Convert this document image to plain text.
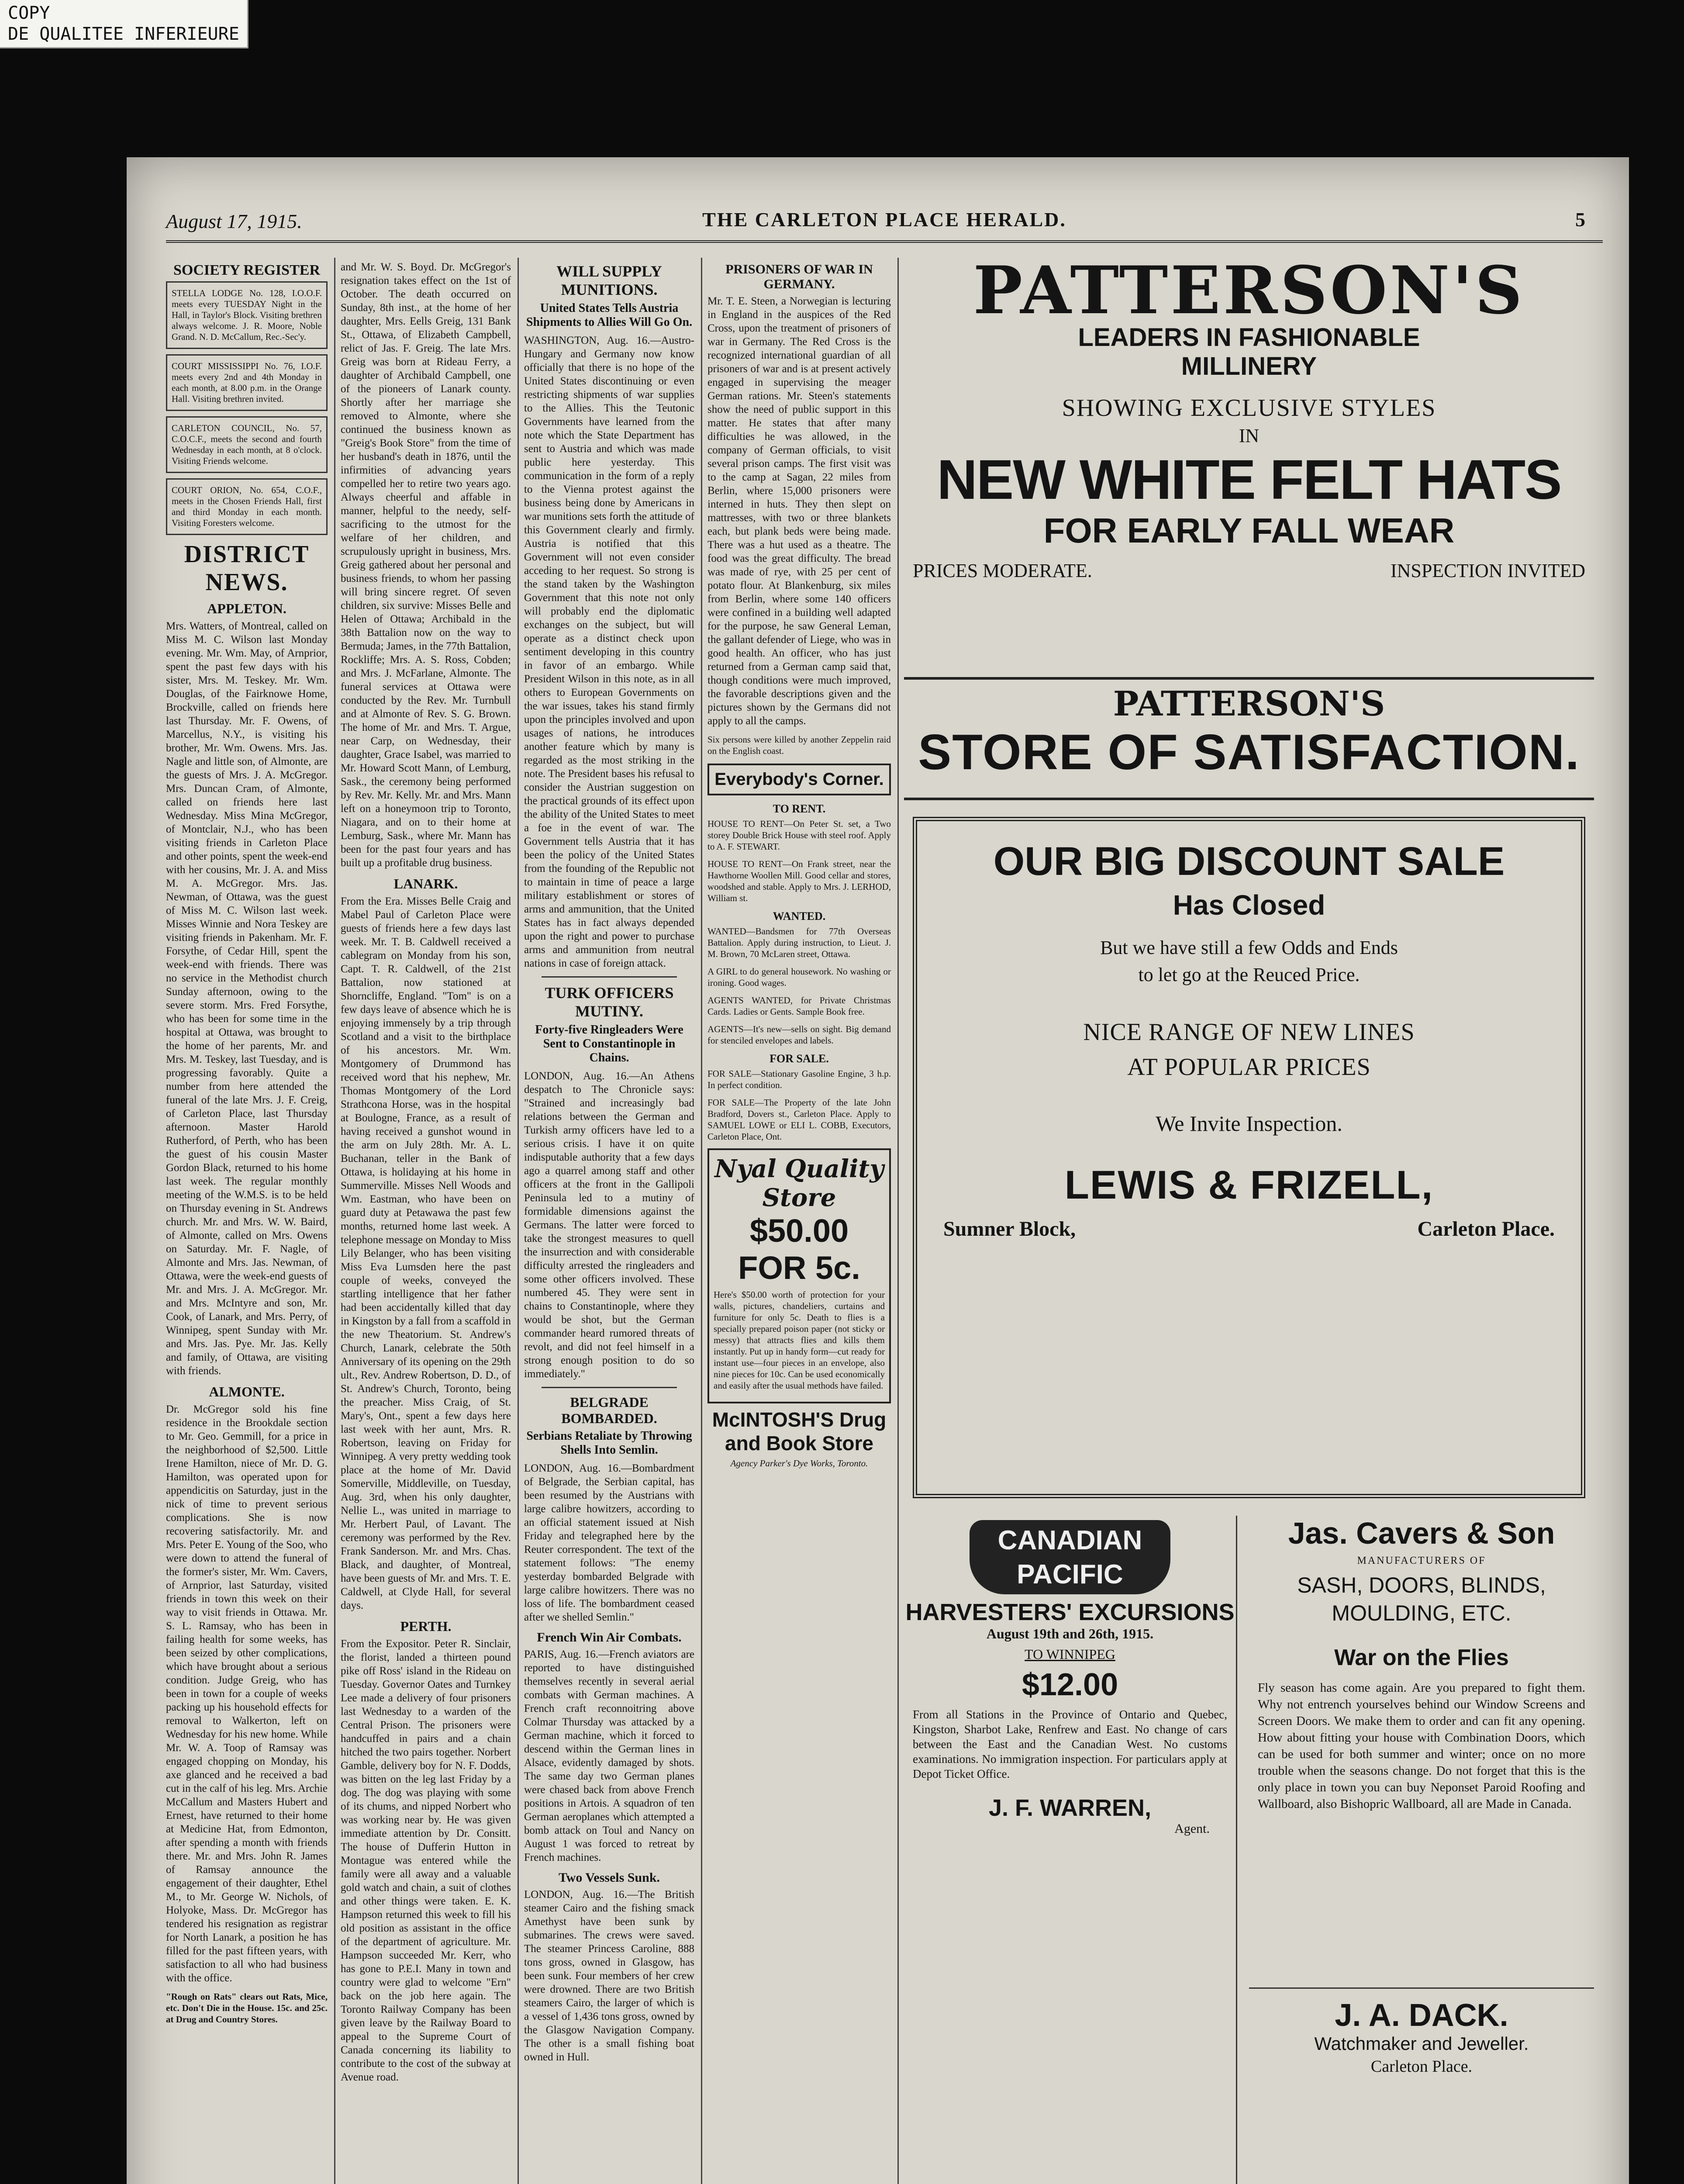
COPY
DE QUALITEE INFERIEURE
August 17, 1915.	THE CARLETON PLACE HERALD.	5
SOCIETY REGISTER
STELLA LODGE No. 128, I.O.O.F. meets every TUESDAY Night in the Hall, in Taylor's Block. Visiting brethren always welcome. J. R. Moore, Noble Grand. N. D. McCallum, Rec.-Sec'y.
COURT MISSISSIPPI No. 76, I.O.F. meets every 2nd and 4th Monday in each month, at 8.00 p.m. in the Orange Hall. Visiting brethren invited.
CARLETON COUNCIL, No. 57, C.O.C.F., meets the second and fourth Wednesday in each month, at 8 o'clock. Visiting Friends welcome.
COURT ORION, No. 654, C.O.F., meets in the Chosen Friends Hall, first and third Monday in each month. Visiting Foresters welcome.
DISTRICT NEWS.
APPLETON.
Mrs. Watters, of Montreal, called on Miss M. C. Wilson last Monday evening. Mr. Wm. May, of Arnprior, spent the past few days with his sister, Mrs. M. Teskey. Mr. Wm. Douglas, of the Fairknowe Home, Brockville, called on friends here last Thursday. Mr. F. Owens, of Marcellus, N.Y., is visiting his brother, Mr. Wm. Owens. Mrs. Jas. Nagle and little son, of Almonte, are the guests of Mrs. J. A. McGregor. Mrs. Duncan Cram, of Almonte, called on friends here last Wednesday. Miss Mina McGregor, of Montclair, N.J., who has been visiting friends in Carleton Place and other points, spent the week-end with her cousins, Mr. J. A. and Miss M. A. McGregor. Mrs. Jas. Newman, of Ottawa, was the guest of Miss M. C. Wilson last week. Misses Winnie and Nora Teskey are visiting friends in Pakenham. Mr. F. Forsythe, of Cedar Hill, spent the week-end with friends. There was no service in the Methodist church Sunday afternoon, owing to the severe storm. Mrs. Fred Forsythe, who has been for some time in the hospital at Ottawa, was brought to the home of her parents, Mr. and Mrs. M. Teskey, last Tuesday, and is progressing favorably. Quite a number from here attended the funeral of the late Mrs. J. F. Creig, of Carleton Place, last Thursday afternoon. Master Harold Rutherford, of Perth, who has been the guest of his cousin Master Gordon Black, returned to his home last week. The regular monthly meeting of the W.M.S. is to be held on Thursday evening in St. Andrews church. Mr. and Mrs. W. W. Baird, of Almonte, called on Mrs. Owens on Saturday. Mr. F. Nagle, of Almonte and Mrs. Jas. Newman, of Ottawa, were the week-end guests of Mr. and Mrs. J. A. McGregor. Mr. and Mrs. McIntyre and son, Mr. Cook, of Lanark, and Mrs. Perry, of Winnipeg, spent Sunday with Mr. and Mrs. Jas. Pye. Mr. Jas. Kelly and family, of Ottawa, are visiting with friends.
ALMONTE.
Dr. McGregor sold his fine residence in the Brookdale section to Mr. Geo. Gemmill, for a price in the neighborhood of $2,500. Little Irene Hamilton, niece of Mr. D. G. Hamilton, was operated upon for appendicitis on Saturday, just in the nick of time to prevent serious complications. She is now recovering satisfactorily. Mr. and Mrs. Peter E. Young of the Soo, who were down to attend the funeral of the former's sister, Mr. Wm. Cavers, of Arnprior, last Saturday, visited friends in town this week on their way to visit friends in Ottawa. Mr. S. L. Ramsay, who has been in failing health for some weeks, has been seized by other complications, which have brought about a serious condition. Judge Greig, who has been in town for a couple of weeks packing up his household effects for removal to Walkerton, left on Wednesday for his new home. While Mr. W. A. Toop of Ramsay was engaged chopping on Monday, his axe glanced and he received a bad cut in the calf of his leg. Mrs. Archie McCallum and Masters Hubert and Ernest, have returned to their home at Medicine Hat, from Edmonton, after spending a month with friends there. Mr. and Mrs. John R. James of Ramsay announce the engagement of their daughter, Ethel M., to Mr. George W. Nichols, of Holyoke, Mass. Dr. McGregor has tendered his resignation as registrar for North Lanark, a position he has filled for the past fifteen years, with satisfaction to all who had business with the office.
"Rough on Rats" clears out Rats, Mice, etc. Don't Die in the House. 15c. and 25c. at Drug and Country Stores.
and Mr. W. S. Boyd. Dr. McGregor's resignation takes effect on the 1st of October. The death occurred on Sunday, 8th inst., at the home of her daughter, Mrs. Eells Greig, 131 Bank St., Ottawa, of Elizabeth Campbell, relict of Jas. F. Greig. The late Mrs. Greig was born at Rideau Ferry, a daughter of Archibald Campbell, one of the pioneers of Lanark county. Shortly after her marriage she removed to Almonte, where she continued the business known as "Greig's Book Store" from the time of her husband's death in 1876, until the infirmities of advancing years compelled her to retire two years ago. Always cheerful and affable in manner, helpful to the needy, self-sacrificing to the utmost for the welfare of her children, and scrupulously upright in business, Mrs. Greig gathered about her personal and business friends, to whom her passing will bring sincere regret. Of seven children, six survive: Misses Belle and Helen of Ottawa; Archibald in the 38th Battalion now on the way to Bermuda; James, in the 77th Battalion, Rockliffe; Mrs. A. S. Ross, Cobden; and Mrs. J. McFarlane, Almonte. The funeral services at Ottawa were conducted by the Rev. Mr. Turnbull and at Almonte of Rev. S. G. Brown. The home of Mr. and Mrs. T. Argue, near Carp, on Wednesday, their daughter, Grace Isabel, was married to Mr. Howard Scott Mann, of Lemburg, Sask., the ceremony being performed by Rev. Mr. Kelly. Mr. and Mrs. Mann left on a honeymoon trip to Toronto, Niagara, and on to their home at Lemburg, Sask., where Mr. Mann has been for the past four years and has built up a profitable drug business.
LANARK.
From the Era. Misses Belle Craig and Mabel Paul of Carleton Place were guests of friends here a few days last week. Mr. T. B. Caldwell received a cablegram on Monday from his son, Capt. T. R. Caldwell, of the 21st Battalion, now stationed at Shorncliffe, England. "Tom" is on a few days leave of absence which he is enjoying immensely by a trip through Scotland and a visit to the birthplace of his ancestors. Mr. Wm. Montgomery of Drummond has received word that his nephew, Mr. Thomas Montgomery of the Lord Strathcona Horse, was in the hospital at Boulogne, France, as a result of having received a gunshot wound in the arm on July 28th. Mr. A. L. Buchanan, teller in the Bank of Ottawa, is holidaying at his home in Summerville. Misses Nell Woods and Wm. Eastman, who have been on guard duty at Petawawa the past few months, returned home last week. A telephone message on Monday to Miss Lily Belanger, who has been visiting Miss Eva Lumsden here the past couple of weeks, conveyed the startling intelligence that her father had been accidentally killed that day in Kingston by a fall from a scaffold in the new Theatorium. St. Andrew's Church, Lanark, celebrate the 50th Anniversary of its opening on the 29th ult., Rev. Andrew Robertson, D. D., of St. Andrew's Church, Toronto, being the preacher. Miss Craig, of St. Mary's, Ont., spent a few days here last week with her aunt, Mrs. R. Robertson, leaving on Friday for Winnipeg. A very pretty wedding took place at the home of Mr. David Somerville, Middleville, on Tuesday, Aug. 3rd, when his only daughter, Nellie L., was united in marriage to Mr. Herbert Paul, of Lavant. The ceremony was performed by the Rev. Frank Sanderson. Mr. and Mrs. Chas. Black, and daughter, of Montreal, have been guests of Mr. and Mrs. T. E. Caldwell, at Clyde Hall, for several days.
PERTH.
From the Expositor. Peter R. Sinclair, the florist, landed a thirteen pound pike off Ross' island in the Rideau on Tuesday. Governor Oates and Turnkey Lee made a delivery of four prisoners last Wednesday to a warden of the Central Prison. The prisoners were handcuffed in pairs and a chain hitched the two pairs together. Norbert Gamble, delivery boy for N. F. Dodds, was bitten on the leg last Friday by a dog. The dog was playing with some of its chums, and nipped Norbert who was working near by. He was given immediate attention by Dr. Consitt. The house of Dufferin Hutton in Montague was entered while the family were all away and a valuable gold watch and chain, a suit of clothes and other things were taken. E. K. Hampson returned this week to fill his old position as assistant in the office of the department of agriculture. Mr. Hampson succeeded Mr. Kerr, who has gone to P.E.I. Many in town and country were glad to welcome "Ern" back on the job here again. The Toronto Railway Company has been given leave by the Railway Board to appeal to the Supreme Court of Canada concerning its liability to contribute to the cost of the subway at Avenue road.
WILL SUPPLY MUNITIONS.
United States Tells Austria Shipments to Allies Will Go On.
WASHINGTON, Aug. 16.—Austro-Hungary and Germany now know officially that there is no hope of the United States discontinuing or even restricting shipments of war supplies to the Allies. This the Teutonic Governments have learned from the note which the State Department has sent to Austria and which was made public here yesterday. This communication in the form of a reply to the Vienna protest against the business being done by Americans in war munitions sets forth the attitude of this Government clearly and firmly. Austria is notified that this Government will not even consider acceding to her request. So strong is the stand taken by the Washington Government that this note not only will probably end the diplomatic exchanges on the subject, but will operate as a distinct check upon sentiment developing in this country in favor of an embargo. While President Wilson in this note, as in all others to European Governments on the war issues, takes his stand firmly upon the principles involved and upon usages of nations, he introduces another feature which by many is regarded as the most striking in the note. The President bases his refusal to consider the Austrian suggestion on the practical grounds of its effect upon the ability of the United States to meet a foe in the event of war. The Government tells Austria that it has been the policy of the United States from the founding of the Republic not to maintain in time of peace a large military establishment or stores of arms and ammunition, that the United States has in fact always depended upon the right and power to purchase arms and ammunition from neutral nations in case of foreign attack.
TURK OFFICERS MUTINY.
Forty-five Ringleaders Were Sent to Constantinople in Chains.
LONDON, Aug. 16.—An Athens despatch to The Chronicle says: "Strained and increasingly bad relations between the German and Turkish army officers have led to a serious crisis. I have it on quite indisputable authority that a few days ago a quarrel among staff and other officers at the front in the Gallipoli Peninsula led to a mutiny of formidable dimensions against the Germans. The latter were forced to take the strongest measures to quell the insurrection and with considerable difficulty arrested the ringleaders and some other officers involved. These numbered 45. They were sent in chains to Constantinople, where they would be shot, but the German commander heard rumored threats of revolt, and did not feel himself in a strong enough position to do so immediately."
BELGRADE BOMBARDED.
Serbians Retaliate by Throwing Shells Into Semlin.
LONDON, Aug. 16.—Bombardment of Belgrade, the Serbian capital, has been resumed by the Austrians with large calibre howitzers, according to an official statement issued at Nish Friday and telegraphed here by the Reuter correspondent. The text of the statement follows: "The enemy yesterday bombarded Belgrade with large calibre howitzers. There was no loss of life. The bombardment ceased after we shelled Semlin."
French Win Air Combats.
PARIS, Aug. 16.—French aviators are reported to have distinguished themselves recently in several aerial combats with German machines. A French craft reconnoitring above Colmar Thursday was attacked by a German machine, which it forced to descend within the German lines in Alsace, evidently damaged by shots. The same day two German planes were chased back from above French positions in Artois. A squadron of ten German aeroplanes which attempted a bomb attack on Toul and Nancy on August 1 was forced to retreat by French machines.
Two Vessels Sunk.
LONDON, Aug. 16.—The British steamer Cairo and the fishing smack Amethyst have been sunk by submarines. The crews were saved. The steamer Princess Caroline, 888 tons gross, owned in Glasgow, has been sunk. Four members of her crew were drowned. There are two British steamers Cairo, the larger of which is a vessel of 1,436 tons gross, owned by the Glasgow Navigation Company. The other is a small fishing boat owned in Hull.
PRISONERS OF WAR IN GERMANY.
Mr. T. E. Steen, a Norwegian is lecturing in England in the auspices of the Red Cross, upon the treatment of prisoners of war in Germany. The Red Cross is the recognized international guardian of all prisoners of war and is at present actively engaged in supervising the meager German rations. Mr. Steen's statements show the need of public support in this matter. He states that after many difficulties he was allowed, in the company of German officials, to visit several prison camps. The first visit was to the camp at Sagan, 22 miles from Berlin, where 15,000 prisoners were interned in huts. They then slept on mattresses, with two or three blankets each, but plank beds were being made. There was a hut used as a theatre. The food was the great difficulty. The bread was made of rye, with 25 per cent of potato flour. At Blankenburg, six miles from Berlin, where some 140 officers were confined in a building well adapted for the purpose, he saw General Leman, the gallant defender of Liege, who was in good health. An officer, who has just returned from a German camp said that, though conditions were much improved, the favorable descriptions given and the pictures shown by the Germans did not apply to all the camps.
Six persons were killed by another Zeppelin raid on the English coast.
Everybody's Corner.
TO RENT.
HOUSE TO RENT—On Peter St. set, a Two storey Double Brick House with steel roof. Apply to A. F. STEWART.
HOUSE TO RENT—On Frank street, near the Hawthorne Woollen Mill. Good cellar and stores, woodshed and stable. Apply to Mrs. J. LERHOD, William st.
WANTED.
WANTED—Bandsmen for 77th Overseas Battalion. Apply during instruction, to Lieut. J. M. Brown, 70 McLaren street, Ottawa.
A GIRL to do general housework. No washing or ironing. Good wages.
AGENTS WANTED, for Private Christmas Cards. Ladies or Gents. Sample Book free.
AGENTS—It's new—sells on sight. Big demand for stenciled envelopes and labels.
FOR SALE.
FOR SALE—Stationary Gasoline Engine, 3 h.p. In perfect condition.
FOR SALE—The Property of the late John Bradford, Dovers st., Carleton Place. Apply to SAMUEL LOWE or ELI L. COBB, Executors, Carleton Place, Ont.
Nyal Quality Store
$50.00 FOR 5c.
Here's $50.00 worth of protection for your walls, pictures, chandeliers, curtains and furniture for only 5c. Death to flies is a specially prepared poison paper (not sticky or messy) that attracts flies and kills them instantly. Put up in handy form—cut ready for instant use—four pieces in an envelope, also nine pieces for 10c. Can be used economically and easily after the usual methods have failed.
McINTOSH'S Drug and Book Store
Agency Parker's Dye Works, Toronto.
PATTERSON'S
LEADERS IN FASHIONABLE
MILLINERY
SHOWING EXCLUSIVE STYLES
IN
NEW WHITE FELT HATS
FOR EARLY FALL WEAR
PRICES MODERATE.	INSPECTION INVITED
PATTERSON'S
STORE OF SATISFACTION.
OUR BIG DISCOUNT SALE
Has Closed
But we have still a few Odds and Ends
to let go at the Reuced Price.
NICE RANGE OF NEW LINES
AT POPULAR PRICES
We Invite Inspection.
LEWIS & FRIZELL,
Sumner Block,	Carleton Place.
CANADIAN
PACIFIC
HARVESTERS' EXCURSIONS
August 19th and 26th, 1915.
TO WINNIPEG
$12.00
From all Stations in the Province of Ontario and Quebec, Kingston, Sharbot Lake, Renfrew and East. No change of cars between the East and the Canadian West. No customs examinations. No immigration inspection. For particulars apply at Depot Ticket Office.
J. F. WARREN,
Agent.
Jas. Cavers & Son
MANUFACTURERS OF
SASH, DOORS, BLINDS,
MOULDING, ETC.
War on the Flies
Fly season has come again. Are you prepared to fight them. Why not entrench yourselves behind our Window Screens and Screen Doors. We make them to order and can fit any opening. How about fitting your house with Combination Doors, which can be used for both summer and winter; once on no more trouble when the seasons change. Do not forget that this is the only place in town you can buy Neponset Paroid Roofing and Wallboard, also Bishopric Wallboard, all are Made in Canada.
J. A. DACK.
Watchmaker and Jeweller.
Carleton Place.
